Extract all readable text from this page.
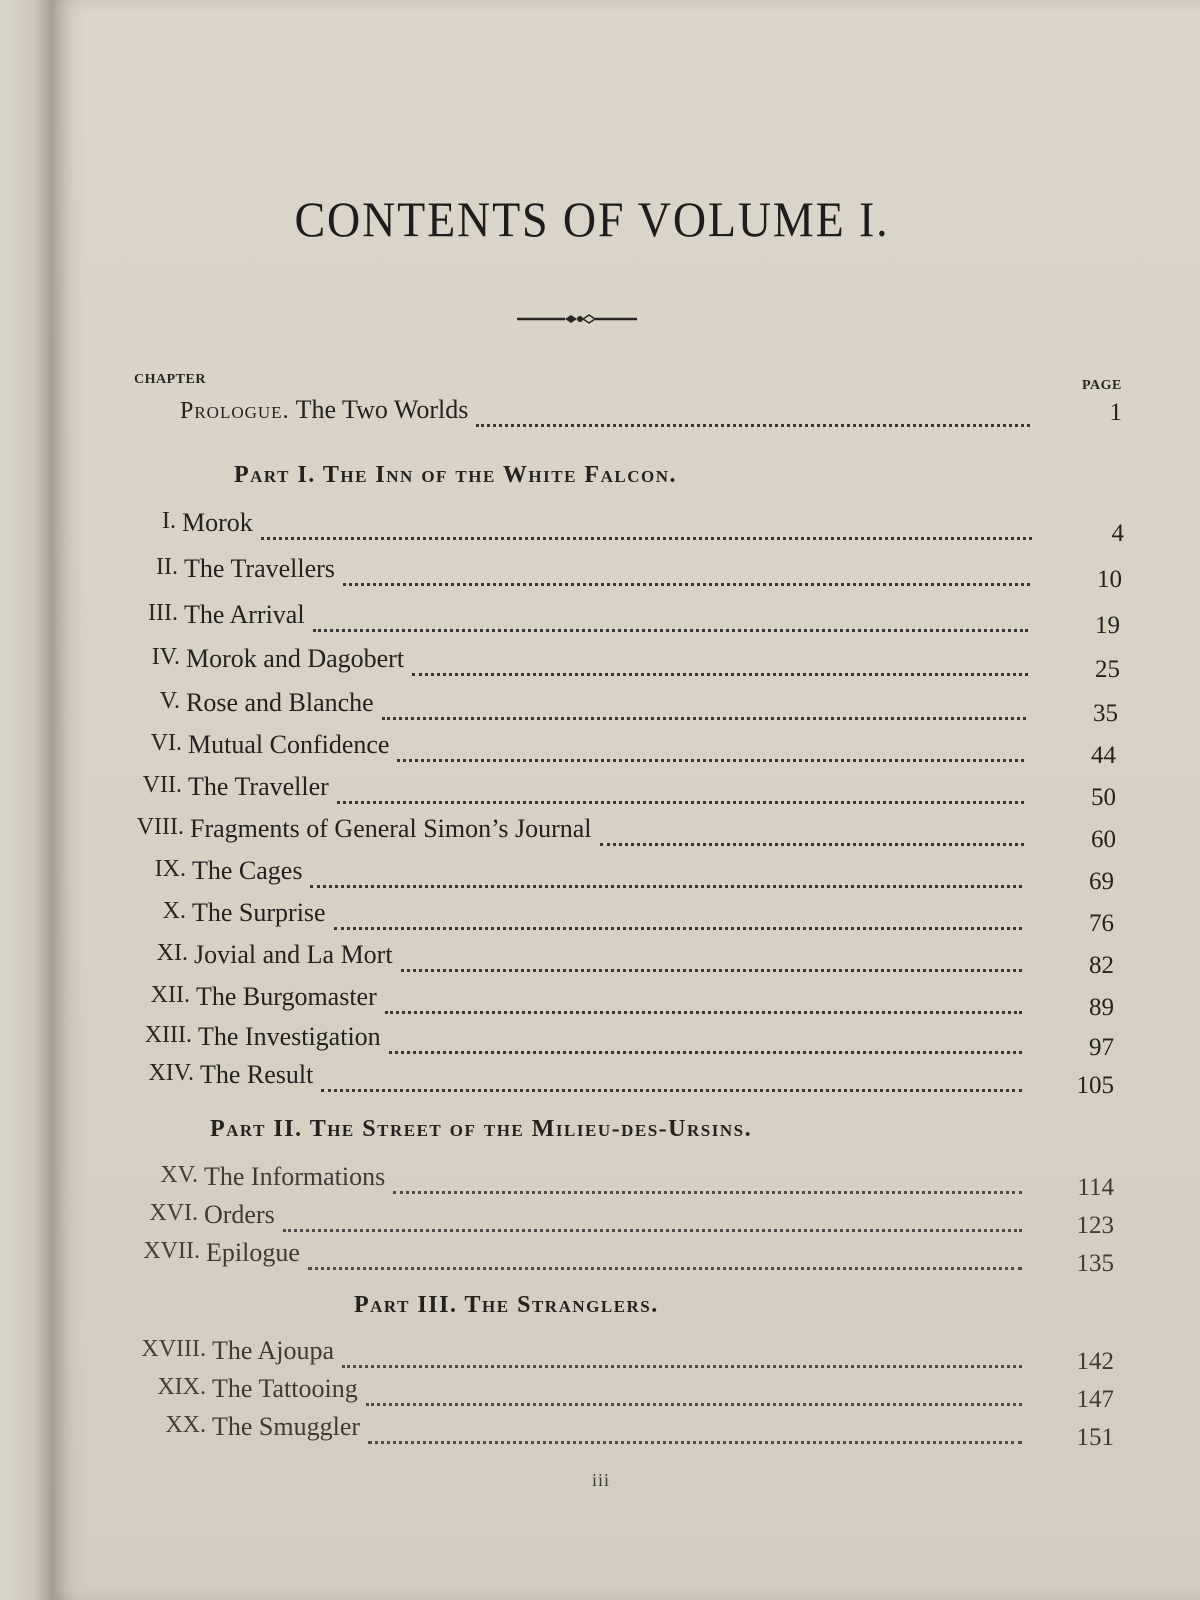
CONTENTS OF VOLUME I.
CHAPTER	PAGE
Prologue. The Two Worlds	1
Part I. The Inn of the White Falcon.
I. Morok	4
II. The Travellers	10
III. The Arrival	19
IV. Morok and Dagobert	25
V. Rose and Blanche	35
VI. Mutual Confidence	44
VII. The Traveller	50
VIII. Fragments of General Simon’s Journal	60
IX. The Cages	69
X. The Surprise	76
XI. Jovial and La Mort	82
XII. The Burgomaster	89
XIII. The Investigation	97
XIV. The Result	105
Part II. The Street of the Milieu-des-Ursins.
XV. The Informations	114
XVI. Orders	123
XVII. Epilogue	135
Part III. The Stranglers.
XVIII. The Ajoupa	142
XIX. The Tattooing	147
XX. The Smuggler	151
iii
